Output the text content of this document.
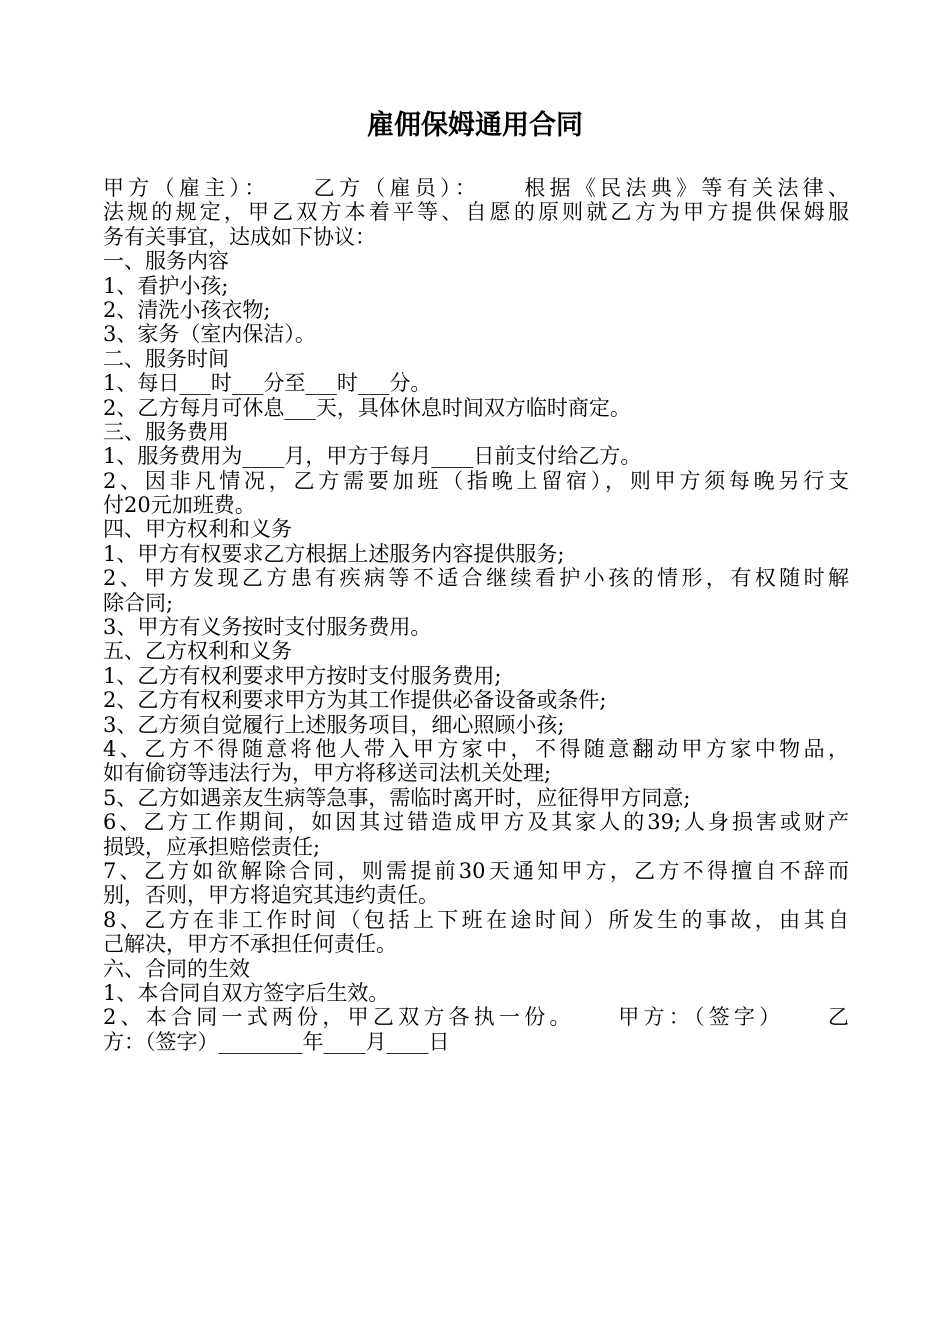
雇佣保姆通用合同
甲方（雇主）：    乙方（雇员）：    根据《民法典》等有关法律、
法规的规定，甲乙双方本着平等、自愿的原则就乙方为甲方提供保姆服
务有关事宜，达成如下协议：
一、服务内容
1、看护小孩;
2、清洗小孩衣物;
3、家务（室内保洁）。
二、服务时间
1、每日___时___分至___时___分。
2、乙方每月可休息___天，具体休息时间双方临时商定。
三、服务费用
1、服务费用为____月，甲方于每月____日前支付给乙方。
2、因非凡情况，乙方需要加班（指晚上留宿），则甲方须每晚另行支
付20元加班费。
四、甲方权利和义务
1、甲方有权要求乙方根据上述服务内容提供服务;
2、甲方发现乙方患有疾病等不适合继续看护小孩的情形，有权随时解
除合同;
3、甲方有义务按时支付服务费用。
五、乙方权利和义务
1、乙方有权利要求甲方按时支付服务费用;
2、乙方有权利要求甲方为其工作提供必备设备或条件;
3、乙方须自觉履行上述服务项目，细心照顾小孩;
4、乙方不得随意将他人带入甲方家中，不得随意翻动甲方家中物品，
如有偷窃等违法行为，甲方将移送司法机关处理;
5、乙方如遇亲友生病等急事，需临时离开时，应征得甲方同意;
6、乙方工作期间，如因其过错造成甲方及其家人的39;人身损害或财产
损毁，应承担赔偿责任;
7、乙方如欲解除合同，则需提前30天通知甲方，乙方不得擅自不辞而
别，否则，甲方将追究其违约责任。
8、乙方在非工作时间（包括上下班在途时间）所发生的事故，由其自
己解决，甲方不承担任何责任。
六、合同的生效
1、本合同自双方签字后生效。
2、本合同一式两份，甲乙双方各执一份。    甲方：（签字）    乙
方：（签字）________年____月____日
